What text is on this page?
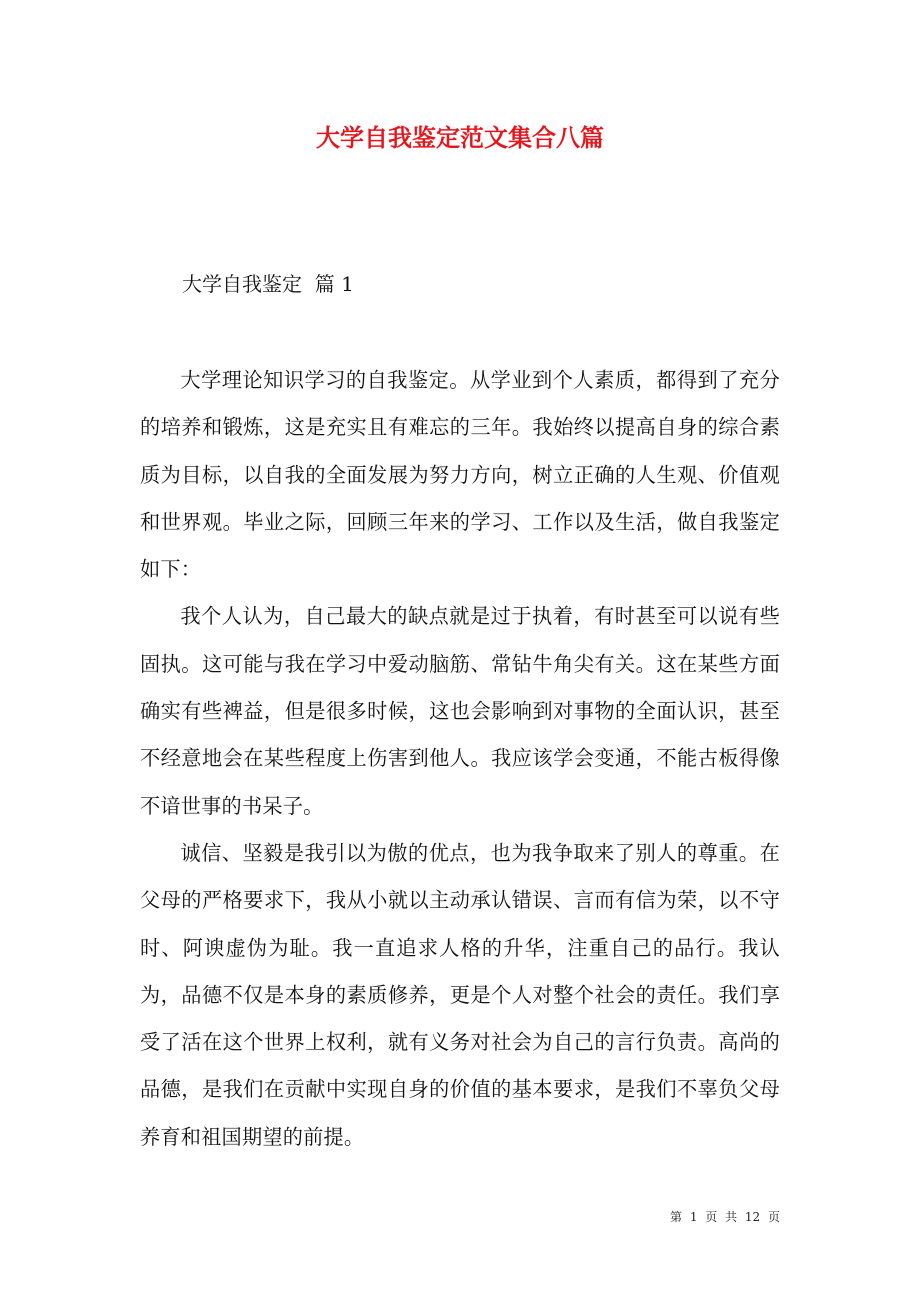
大学自我鉴定范文集合八篇
大学自我鉴定  篇 1

大学理论知识学习的自我鉴定。从学业到个人素质，都得到了充分的培养和锻炼，这是充实且有难忘的三年。我始终以提高自身的综合素质为目标，以自我的全面发展为努力方向，树立正确的人生观、价值观和世界观。毕业之际，回顾三年来的学习、工作以及生活，做自我鉴定如下：

我个人认为，自己最大的缺点就是过于执着，有时甚至可以说有些固执。这可能与我在学习中爱动脑筋、常钻牛角尖有关。这在某些方面确实有些裨益，但是很多时候，这也会影响到对事物的全面认识，甚至不经意地会在某些程度上伤害到他人。我应该学会变通，不能古板得像不谙世事的书呆子。

诚信、坚毅是我引以为傲的优点，也为我争取来了别人的尊重。在父母的严格要求下，我从小就以主动承认错误、言而有信为荣，以不守时、阿谀虚伪为耻。我一直追求人格的升华，注重自己的品行。我认为，品德不仅是本身的素质修养，更是个人对整个社会的责任。我们享受了活在这个世界上权利，就有义务对社会为自己的言行负责。高尚的品德，是我们在贡献中实现自身的价值的基本要求，是我们不辜负父母养育和祖国期望的前提。

第 1 页 共 12 页
